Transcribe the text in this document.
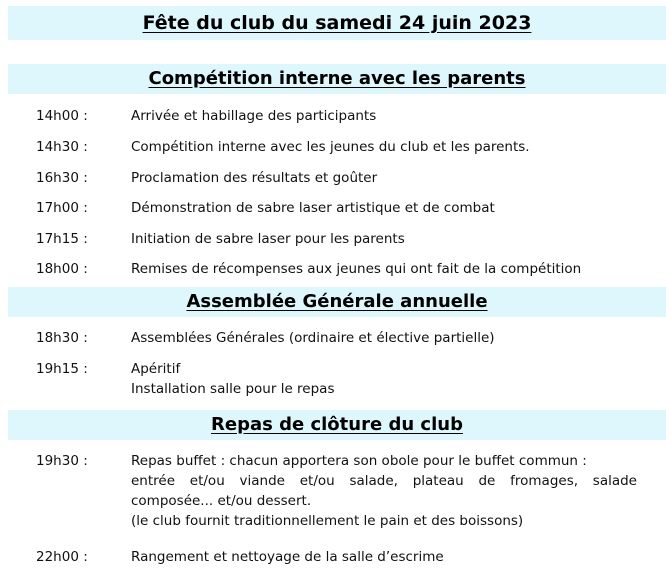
Fête du club du samedi 24 juin 2023
Compétition interne avec les parents
14h00 :	Arrivée et habillage des participants
14h30 :	Compétition interne avec les jeunes du club et les parents.
16h30 :	Proclamation des résultats et goûter
17h00 :	Démonstration de sabre laser artistique et de combat
17h15 :	Initiation de sabre laser pour les parents
18h00 :	Remises de récompenses aux jeunes qui ont fait de la compétition
Assemblée Générale annuelle
18h30 :	Assemblées Générales (ordinaire et élective partielle)
19h15 :	Apéritif
Installation salle pour le repas
Repas de clôture du club
19h30 :	Repas buffet : chacun apportera son obole pour le buffet commun :
entrée et/ou viande et/ou salade, plateau de fromages, salade
composée... et/ou dessert.
(le club fournit traditionnellement le pain et des boissons)
22h00 :	Rangement et nettoyage de la salle d’escrime
